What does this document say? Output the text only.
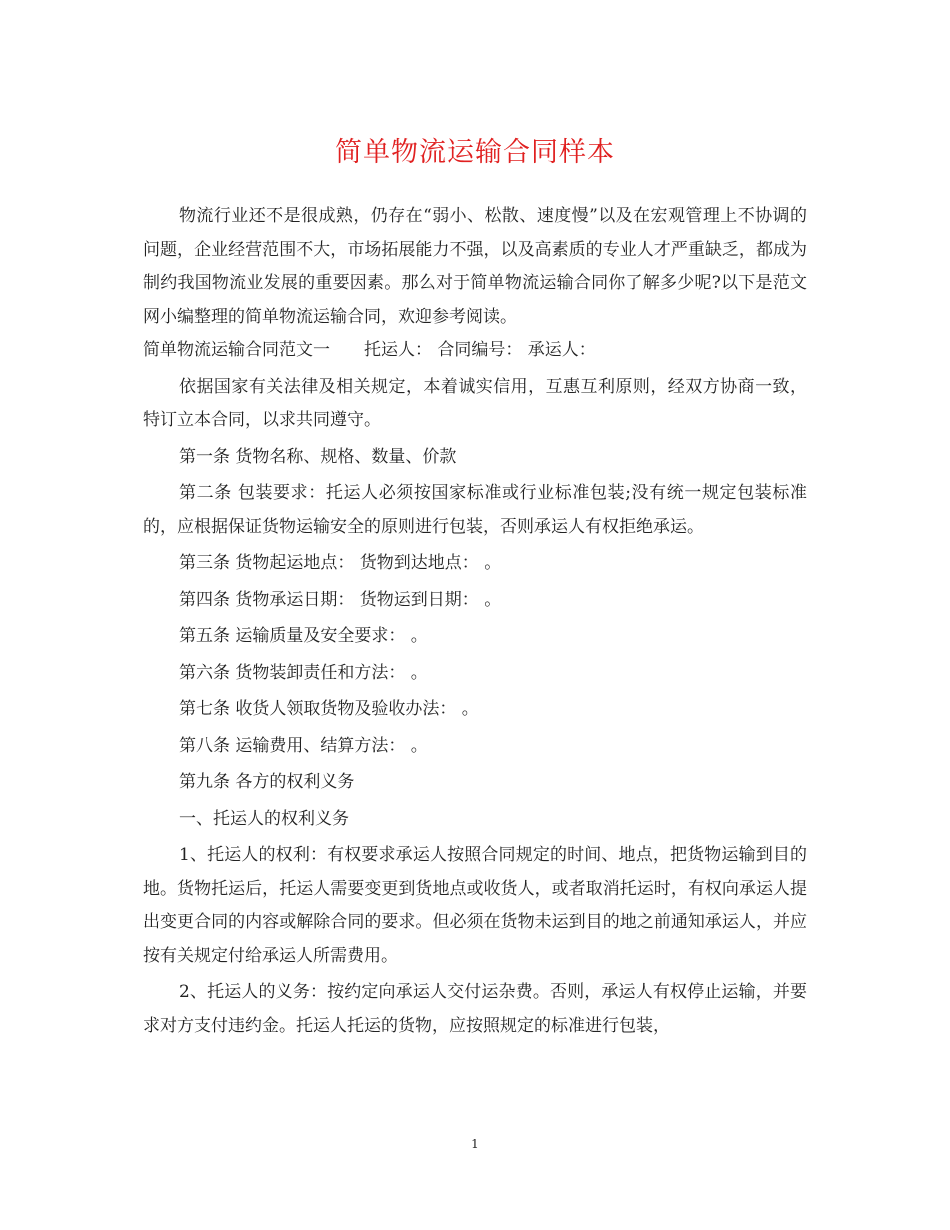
简单物流运输合同样本

物流行业还不是很成熟，仍存在“弱小、松散、速度慢”以及在宏观管理上不协调的问题，企业经营范围不大，市场拓展能力不强，以及高素质的专业人才严重缺乏，都成为制约我国物流业发展的重要因素。那么对于简单物流运输合同你了解多少呢?以下是范文网小编整理的简单物流运输合同，欢迎参考阅读。

简单物流运输合同范文一　　托运人： 合同编号： 承运人：

依据国家有关法律及相关规定，本着诚实信用，互惠互利原则，经双方协商一致，特订立本合同，以求共同遵守。

第一条 货物名称、规格、数量、价款

第二条 包装要求：托运人必须按国家标准或行业标准包装;没有统一规定包装标准的，应根据保证货物运输安全的原则进行包装，否则承运人有权拒绝承运。

第三条 货物起运地点： 货物到达地点： 。

第四条 货物承运日期： 货物运到日期： 。

第五条 运输质量及安全要求： 。

第六条 货物装卸责任和方法： 。

第七条 收货人领取货物及验收办法： 。

第八条 运输费用、结算方法： 。

第九条 各方的权利义务

一、托运人的权利义务

1、托运人的权利：有权要求承运人按照合同规定的时间、地点，把货物运输到目的地。货物托运后，托运人需要变更到货地点或收货人，或者取消托运时，有权向承运人提出变更合同的内容或解除合同的要求。但必须在货物未运到目的地之前通知承运人，并应按有关规定付给承运人所需费用。

2、托运人的义务：按约定向承运人交付运杂费。否则，承运人有权停止运输，并要求对方支付违约金。托运人托运的货物，应按照规定的标准进行包装，

1
